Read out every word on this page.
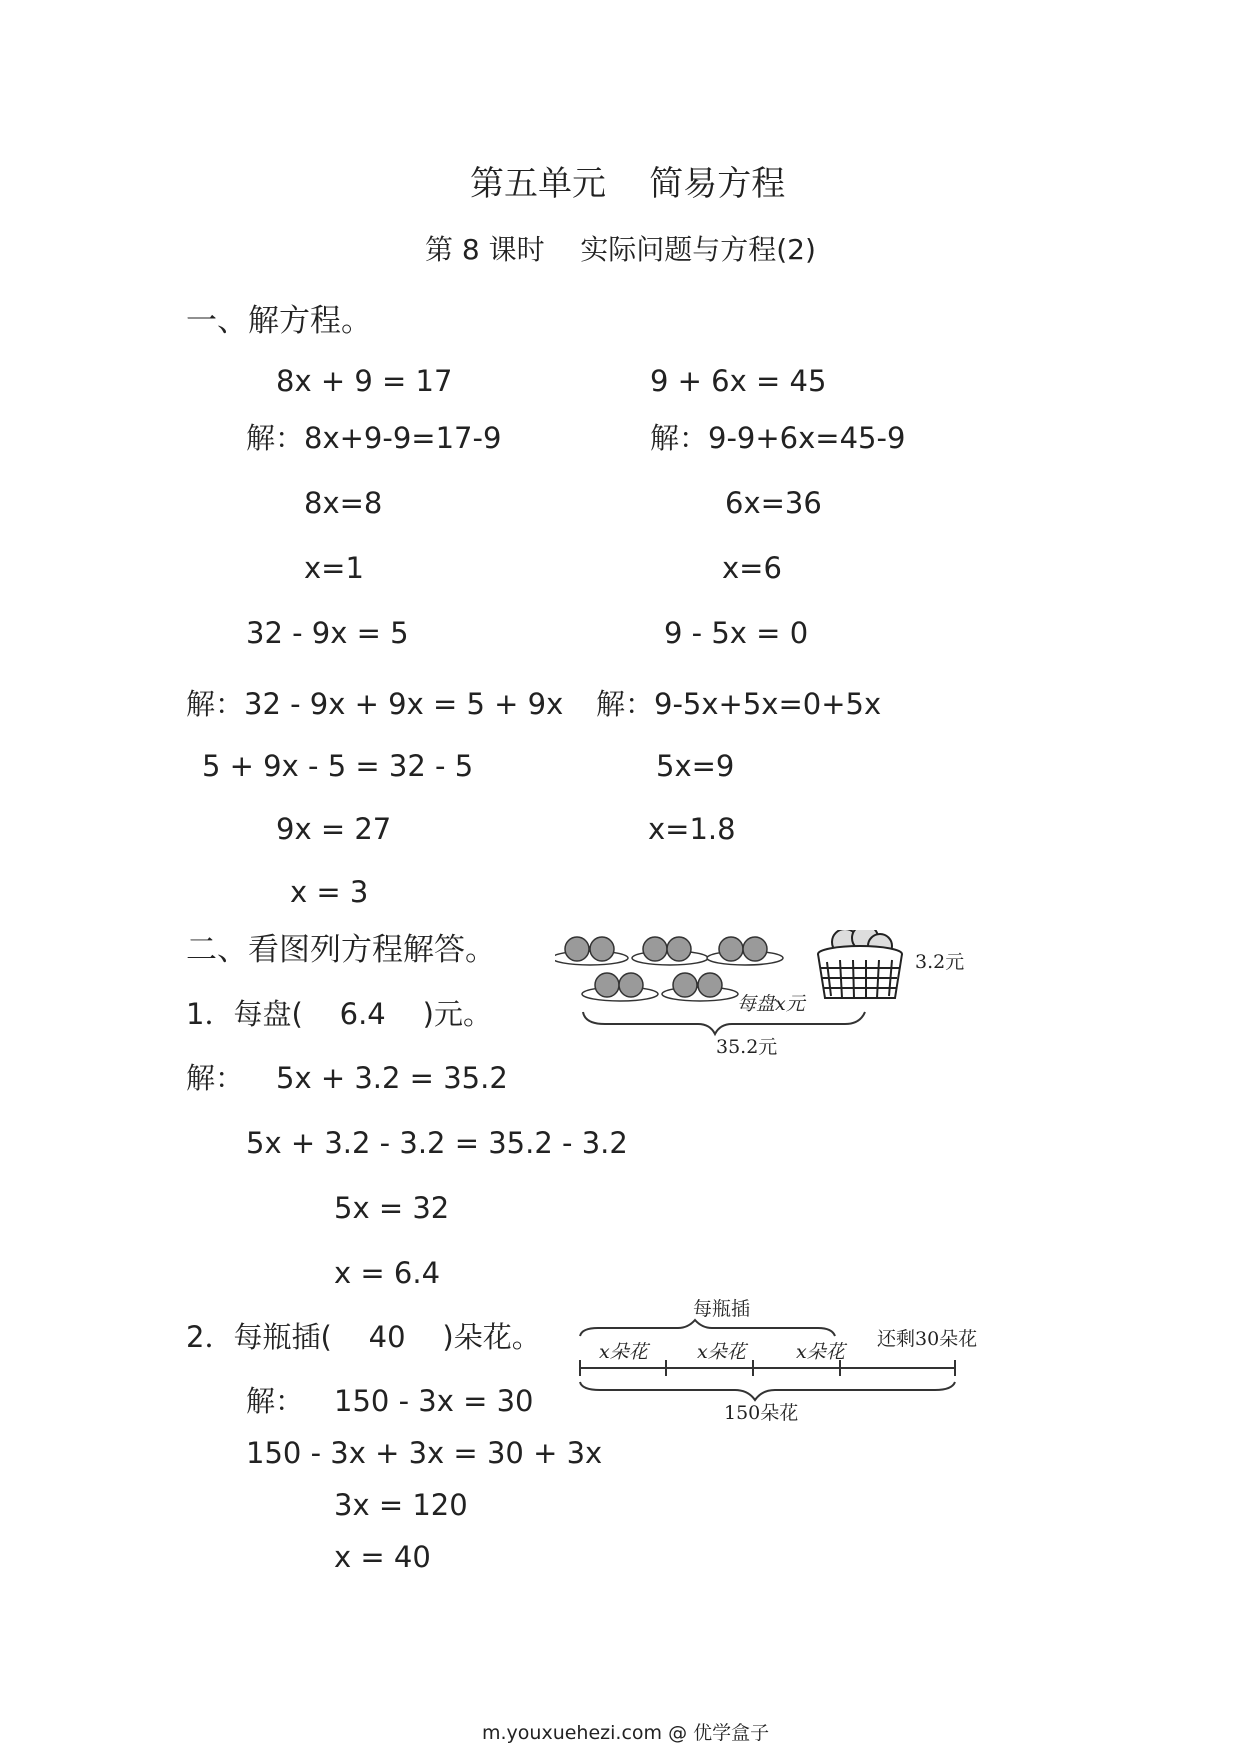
第五单元    简易方程
第 8 课时    实际问题与方程(2)
一、解方程。
8x + 9 = 17
解：8x+9-9=17-9
8x=8
x=1
9 + 6x = 45
解：9-9+6x=45-9
6x=36
x=6
32 - 9x = 5
解：32 - 9x + 9x = 5 + 9x
5 + 9x - 5 = 32 - 5
9x = 27
x = 3
9 - 5x = 0
解：9-5x+5x=0+5x
5x=9
x=1.8
二、看图列方程解答。
1．每盘(    6.4    )元。
解： 5x + 3.2 = 35.2
5x + 3.2 - 3.2 = 35.2 - 3.2
5x = 32
x = 6.4
每盘x元
3.2元
35.2元
2．每瓶插(    40    )朵花。
解： 150 - 3x = 30
150 - 3x + 3x = 30 + 3x
3x = 120
x = 40
每瓶插
x朵花	x朵花	x朵花
还剩30朵花
150朵花
m.youxuehezi.com @ 优学盒子
